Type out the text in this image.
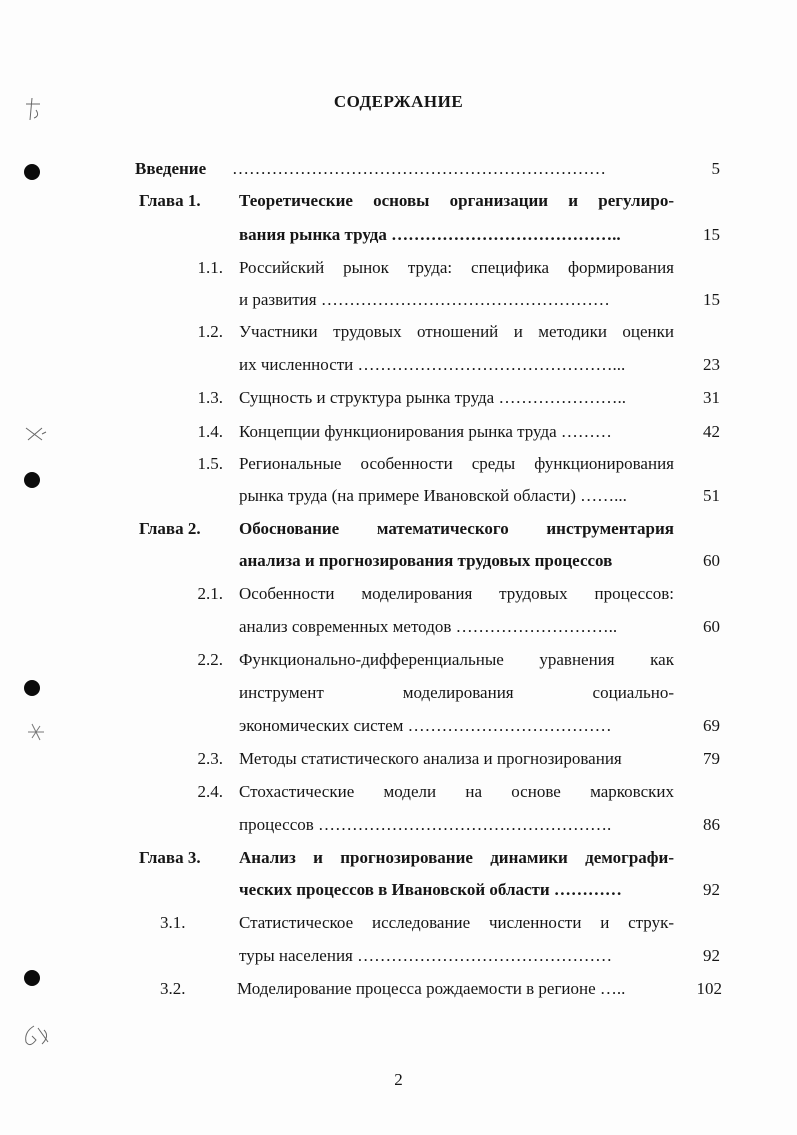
СОДЕРЖАНИЕ
Введение …………………………………………………………	5
Глава 1. Теоретические основы организации и регулиро-
вания рынка труда …………………………………..	15
1.1. Российский рынок труда: специфика формирования
и развития ……………………………………………	15
1.2. Участники трудовых отношений и методики оценки
их численности ………………………………………...	23
1.3. Сущность и структура рынка труда …………………..	31
1.4. Концепции функционирования рынка труда ………	42
1.5. Региональные особенности среды функционирования
рынка труда (на примере Ивановской области) ……...	51
Глава 2. Обоснование математического инструментария
анализа и прогнозирования трудовых процессов	60
2.1. Особенности моделирования трудовых процессов:
анализ современных методов ………………………..	60
2.2. Функционально-дифференциальные уравнения как
инструмент моделирования социально-
экономических систем ………………………………	69
2.3. Методы статистического анализа и прогнозирования	79
2.4. Стохастические модели на основе марковских
процессов …………………………………………….	86
Глава 3. Анализ и прогнозирование динамики демографи-
ческих процессов в Ивановской области …………	92
3.1.	Статистическое исследование численности и струк-
туры населения ………………………………………	92
3.2.	Моделирование процесса рождаемости в регионе …..	102
2
